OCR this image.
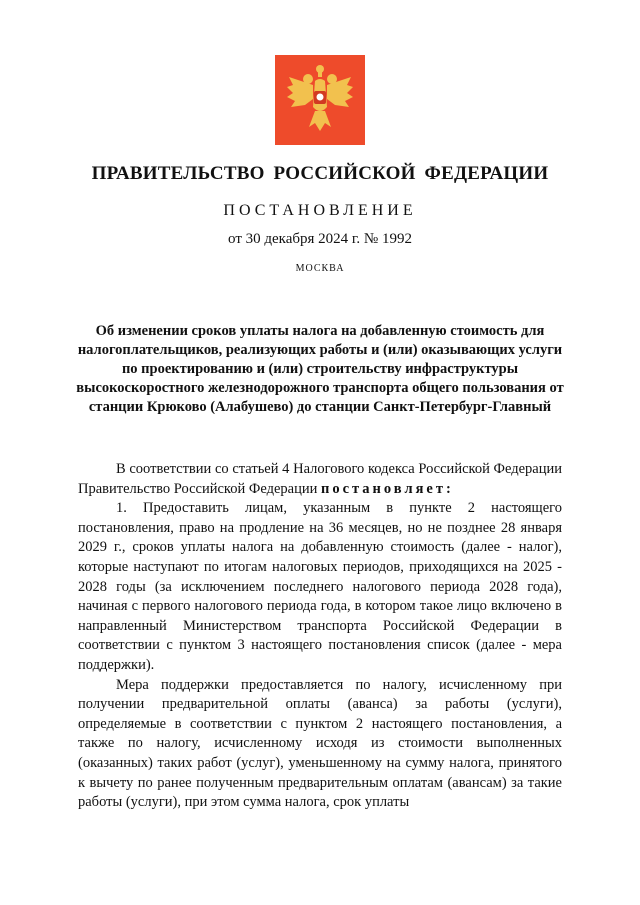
ПРАВИТЕЛЬСТВО РОССИЙСКОЙ ФЕДЕРАЦИИ
ПОСТАНОВЛЕНИЕ
от 30 декабря 2024 г. № 1992
МОСКВА
Об изменении сроков уплаты налога на добавленную стоимость для налогоплательщиков, реализующих работы и (или) оказывающих услуги по проектированию и (или) строительству инфраструктуры высокоскоростного железнодорожного транспорта общего пользования от станции Крюково (Алабушево) до станции Санкт-Петербург-Главный

В соответствии со статьей 4 Налогового кодекса Российской Федерации Правительство Российской Федерации постановляет:

1. Предоставить лицам, указанным в пункте 2 настоящего постановления, право на продление на 36 месяцев, но не позднее 28 января 2029 г., сроков уплаты налога на добавленную стоимость (далее - налог), которые наступают по итогам налоговых периодов, приходящихся на 2025 - 2028 годы (за исключением последнего налогового периода 2028 года), начиная с первого налогового периода года, в котором такое лицо включено в направленный Министерством транспорта Российской Федерации в соответствии с пунктом 3 настоящего постановления список (далее - мера поддержки).

Мера поддержки предоставляется по налогу, исчисленному при получении предварительной оплаты (аванса) за работы (услуги), определяемые в соответствии с пунктом 2 настоящего постановления, а также по налогу, исчисленному исходя из стоимости выполненных (оказанных) таких работ (услуг), уменьшенному на сумму налога, принятого к вычету по ранее полученным предварительным оплатам (авансам) за такие работы (услуги), при этом сумма налога, срок уплаты
